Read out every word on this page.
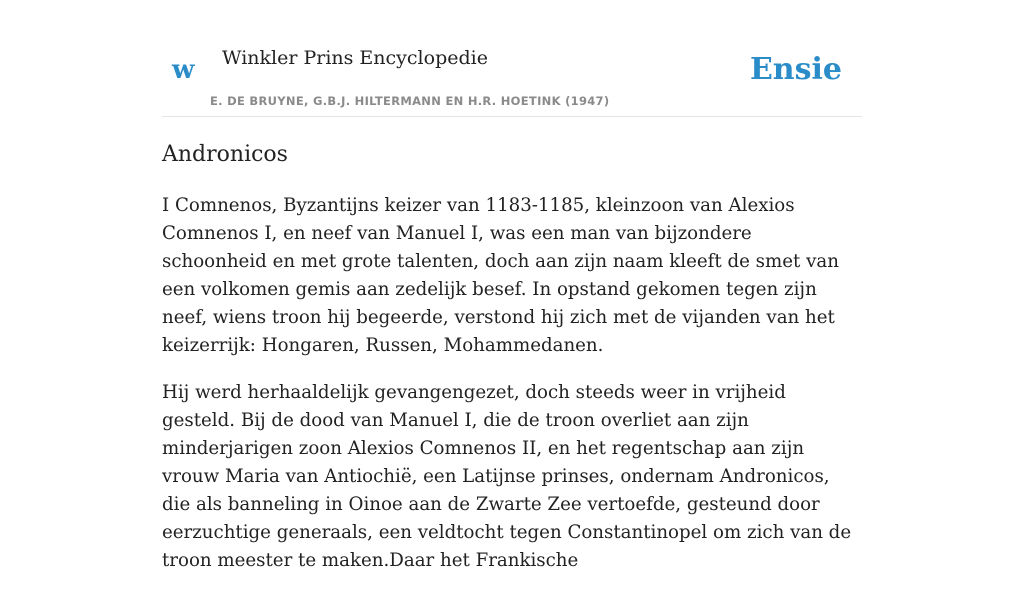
w Winkler Prins Encyclopedie
E. DE BRUYNE, G.B.J. HILTERMANN EN H.R. HOETINK (1947)
Ensie
Andronicos

I Comnenos, Byzantijns keizer van 1183-1185, kleinzoon van Alexios Comnenos I, en neef van Manuel I, was een man van bijzondere schoonheid en met grote talenten, doch aan zijn naam kleeft de smet van een volkomen gemis aan zedelijk besef. In opstand gekomen tegen zijn neef, wiens troon hij begeerde, verstond hij zich met de vijanden van het keizerrijk: Hongaren, Russen, Mohammedanen.

Hij werd herhaaldelijk gevangengezet, doch steeds weer in vrijheid gesteld. Bij de dood van Manuel I, die de troon overliet aan zijn minderjarigen zoon Alexios Comnenos II, en het regentschap aan zijn vrouw Maria van Antiochië, een Latijnse prinses, ondernam Andronicos, die als banneling in Oinoe aan de Zwarte Zee vertoefde, gesteund door eerzuchtige generaals, een veldtocht tegen Constantinopel om zich van de troon meester te maken.Daar het Frankische
